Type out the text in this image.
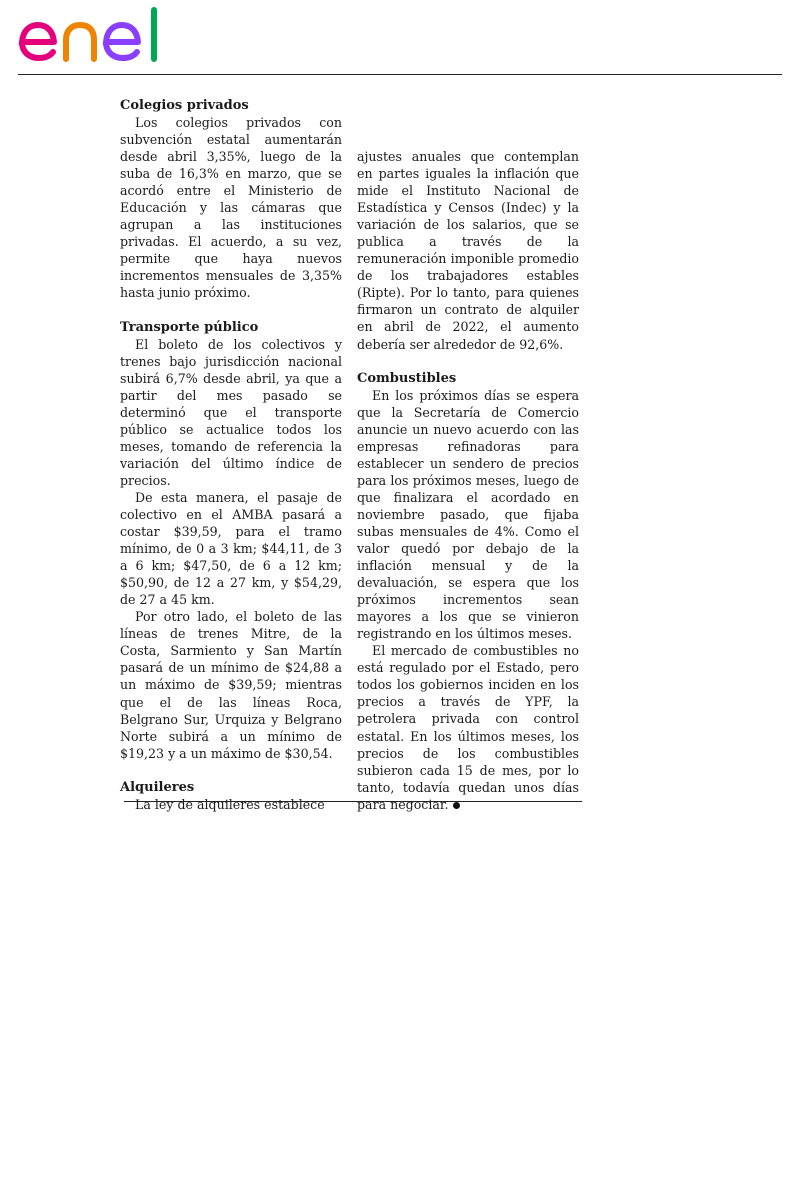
enel
Colegios privados

Los colegios privados con subvención estatal aumentarán desde abril 3,35%, luego de la suba de 16,3% en marzo, que se acordó entre el Ministerio de Educación y las cámaras que agrupan a las instituciones privadas. El acuerdo, a su vez, permite que haya nuevos incrementos mensuales de 3,35% hasta junio próximo.

Transporte público

El boleto de los colectivos y trenes bajo jurisdicción nacional subirá 6,7% desde abril, ya que a partir del mes pasado se determinó que el transporte público se actualice todos los meses, tomando de referencia la variación del último índice de precios.

De esta manera, el pasaje de colectivo en el AMBA pasará a costar $39,59, para el tramo mínimo, de 0 a 3 km; $44,11, de 3 a 6 km; $47,50, de 6 a 12 km; $50,90, de 12 a 27 km, y $54,29, de 27 a 45 km.

Por otro lado, el boleto de las líneas de trenes Mitre, de la Costa, Sarmiento y San Martín pasará de un mínimo de $24,88 a un máximo de $39,59; mientras que el de las líneas Roca, Belgrano Sur, Urquiza y Belgrano Norte subirá a un mínimo de $19,23 y a un máximo de $30,54.

Alquileres

La ley de alquileres establece

ajustes anuales que contemplan en partes iguales la inflación que mide el Instituto Nacional de Estadística y Censos (Indec) y la variación de los salarios, que se publica a través de la remuneración imponible promedio de los trabajadores estables (Ripte). Por lo tanto, para quienes firmaron un contrato de alquiler en abril de 2022, el aumento debería ser alrededor de 92,6%.

Combustibles

En los próximos días se espera que la Secretaría de Comercio anuncie un nuevo acuerdo con las empresas refinadoras para establecer un sendero de precios para los próximos meses, luego de que finalizara el acordado en noviembre pasado, que fijaba subas mensuales de 4%. Como el valor quedó por debajo de la inflación mensual y de la devaluación, se espera que los próximos incrementos sean mayores a los que se vinieron registrando en los últimos meses.

El mercado de combustibles no está regulado por el Estado, pero todos los gobiernos inciden en los precios a través de YPF, la petrolera privada con control estatal. En los últimos meses, los precios de los combustibles subieron cada 15 de mes, por lo tanto, todavía quedan unos días para negociar.
